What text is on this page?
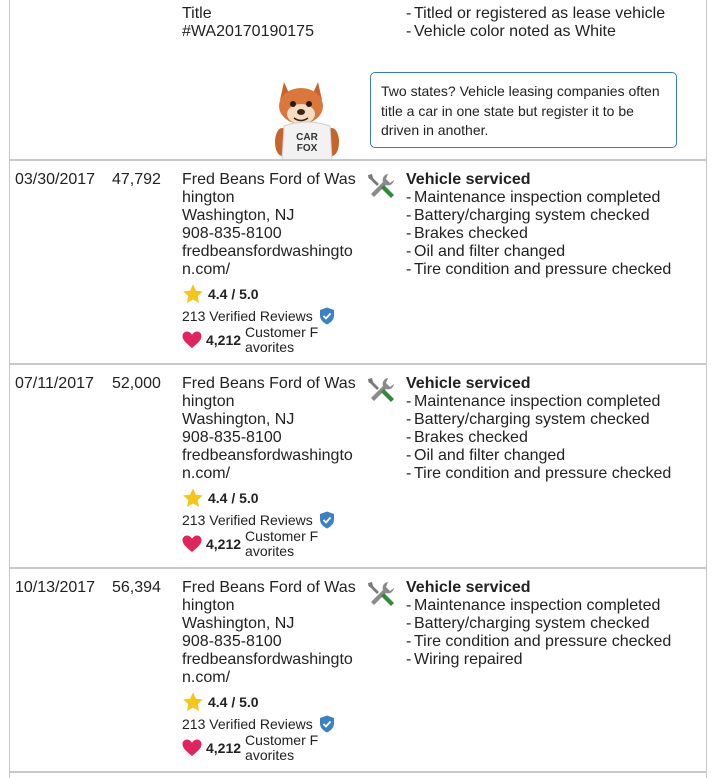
Title
#WA20170190175
- Titled or registered as lease vehicle
- Vehicle color noted as White
CAR
FOX
Two states? Vehicle leasing companies often title a car in one state but register it to be driven in another.
03/30/2017	47,792 Fred Beans Ford of Washington
Washington, NJ
908-835-8100
fredbeansfordwashington.com/
4.4 / 5.0
213 Verified Reviews
4,212 Customer Favorites
Vehicle serviced
- Maintenance inspection completed
- Battery/charging system checked
- Brakes checked
- Oil and filter changed
- Tire condition and pressure checked
07/11/2017	52,000 Fred Beans Ford of Washington
Washington, NJ
908-835-8100
fredbeansfordwashington.com/
4.4 / 5.0
213 Verified Reviews
4,212 Customer Favorites
Vehicle serviced
- Maintenance inspection completed
- Battery/charging system checked
- Brakes checked
- Oil and filter changed
- Tire condition and pressure checked
10/13/2017	56,394 Fred Beans Ford of Washington
Washington, NJ
908-835-8100
fredbeansfordwashington.com/
4.4 / 5.0
213 Verified Reviews
4,212 Customer Favorites
Vehicle serviced
- Maintenance inspection completed
- Battery/charging system checked
- Tire condition and pressure checked
- Wiring repaired
